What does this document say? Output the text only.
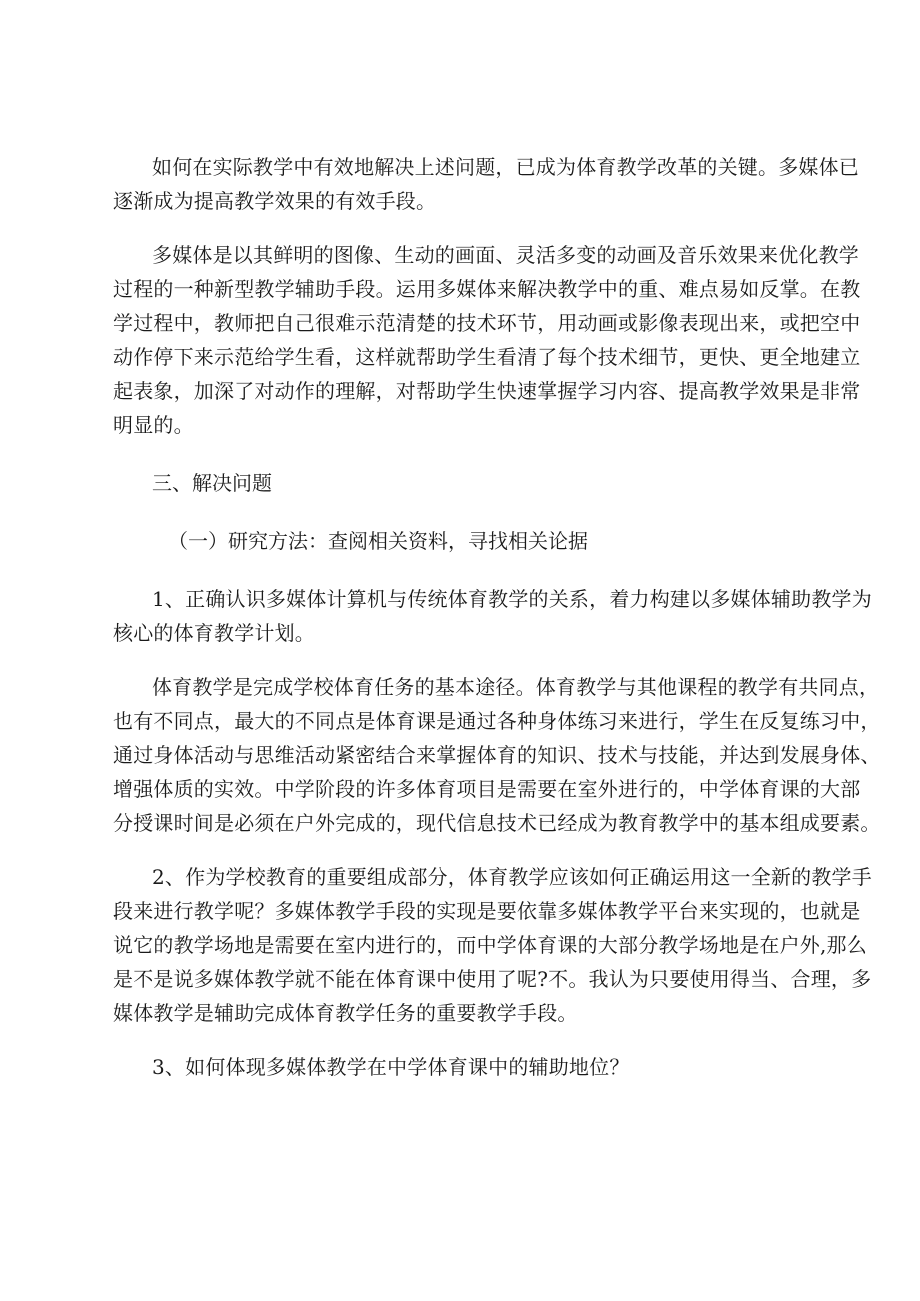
如何在实际教学中有效地解决上述问题，已成为体育教学改革的关键。多媒体已
逐渐成为提高教学效果的有效手段。
多媒体是以其鲜明的图像、生动的画面、灵活多变的动画及音乐效果来优化教学
过程的一种新型教学辅助手段。运用多媒体来解决教学中的重、难点易如反掌。在教
学过程中，教师把自己很难示范清楚的技术环节，用动画或影像表现出来，或把空中
动作停下来示范给学生看，这样就帮助学生看清了每个技术细节，更快、更全地建立
起表象，加深了对动作的理解，对帮助学生快速掌握学习内容、提高教学效果是非常
明显的。
三、解决问题
（一）研究方法：查阅相关资料，寻找相关论据
1、正确认识多媒体计算机与传统体育教学的关系，着力构建以多媒体辅助教学为
核心的体育教学计划。
体育教学是完成学校体育任务的基本途径。体育教学与其他课程的教学有共同点，
也有不同点，最大的不同点是体育课是通过各种身体练习来进行，学生在反复练习中，
通过身体活动与思维活动紧密结合来掌握体育的知识、技术与技能，并达到发展身体、
增强体质的实效。中学阶段的许多体育项目是需要在室外进行的，中学体育课的大部
分授课时间是必须在户外完成的，现代信息技术已经成为教育教学中的基本组成要素。
2、作为学校教育的重要组成部分，体育教学应该如何正确运用这一全新的教学手
段来进行教学呢？多媒体教学手段的实现是要依靠多媒体教学平台来实现的，也就是
说它的教学场地是需要在室内进行的，而中学体育课的大部分教学场地是在户外,那么
是不是说多媒体教学就不能在体育课中使用了呢?不。我认为只要使用得当、合理，多
媒体教学是辅助完成体育教学任务的重要教学手段。
3、如何体现多媒体教学在中学体育课中的辅助地位？
